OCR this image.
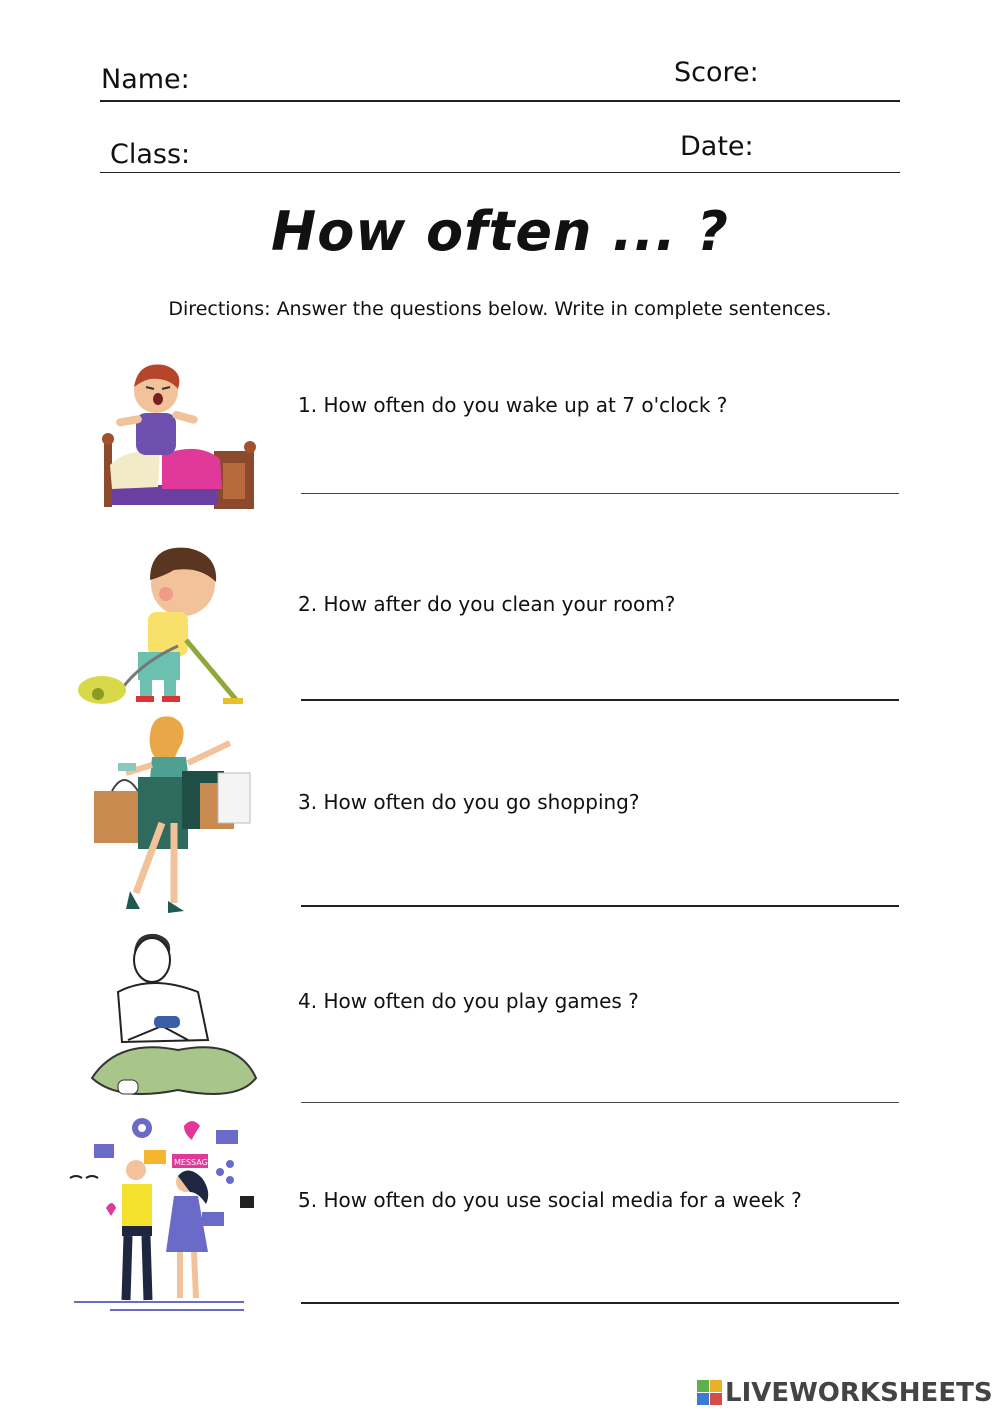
Name:	Score:
Class:	Date:
How often ... ?
Directions: Answer the questions below. Write in complete sentences.
1. How often do you wake up at 7 o'clock ?
2. How after do you clean your room?
3. How often do you go shopping?
4. How often do you play games ?
MESSAGE
5. How often do you use social media for a week ?
LIVEWORKSHEETS
